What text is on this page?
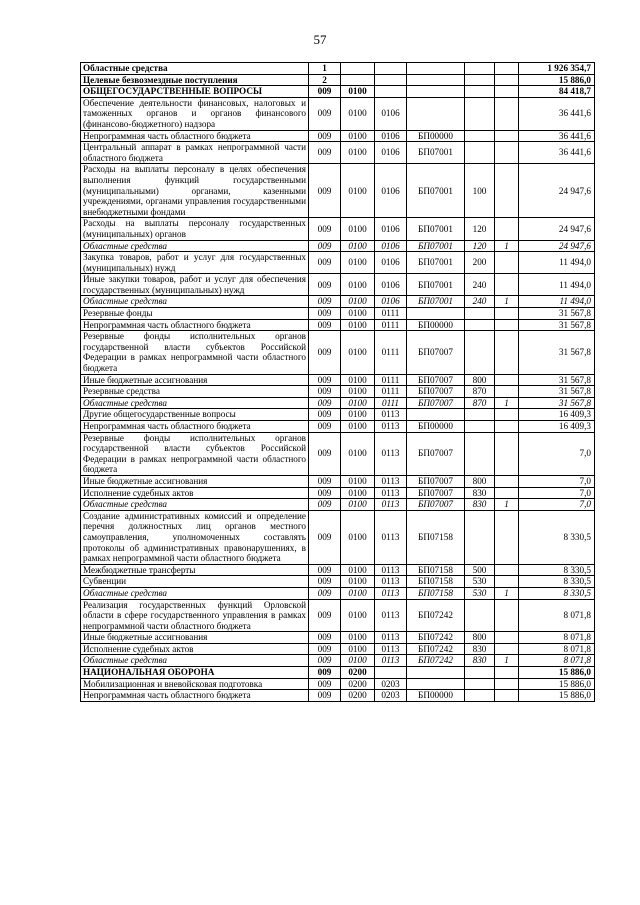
57
Областные средства	1						1 926 354,7
Целевые безвозмездные поступления	2						15 886,0
ОБЩЕГОСУДАРСТВЕННЫЕ ВОПРОСЫ	009	0100					84 418,7
Обеспечение деятельности финансовых, налоговых и таможенных органов и органов финансового (финансово-бюджетного) надзора	009	0100	0106				36 441,6
Непрограммная часть областного бюджета	009	0100	0106	БП00000			36 441,6
Центральный аппарат в рамках непрограммной части областного бюджета	009	0100	0106	БП07001			36 441,6
Расходы на выплаты персоналу в целях обеспечения выполнения функций государственными (муниципальными) органами, казенными учреждениями, органами управления государственными внебюджетными фондами	009	0100	0106	БП07001	100		24 947,6
Расходы на выплаты персоналу государственных (муниципальных) органов	009	0100	0106	БП07001	120		24 947,6
Областные средства	009	0100	0106	БП07001	120	1	24 947,6
Закупка товаров, работ и услуг для государственных (муниципальных) нужд	009	0100	0106	БП07001	200		11 494,0
Иные закупки товаров, работ и услуг для обеспечения государственных (муниципальных) нужд	009	0100	0106	БП07001	240		11 494,0
Областные средства	009	0100	0106	БП07001	240	1	11 494,0
Резервные фонды	009	0100	0111				31 567,8
Непрограммная часть областного бюджета	009	0100	0111	БП00000			31 567,8
Резервные фонды исполнительных органов государственной власти субъектов Российской Федерации в рамках непрограммной части областного бюджета	009	0100	0111	БП07007			31 567,8
Иные бюджетные ассигнования	009	0100	0111	БП07007	800		31 567,8
Резервные средства	009	0100	0111	БП07007	870		31 567,8
Областные средства	009	0100	0111	БП07007	870	1	31 567,8
Другие общегосударственные вопросы	009	0100	0113				16 409,3
Непрограммная часть областного бюджета	009	0100	0113	БП00000			16 409,3
Резервные фонды исполнительных органов государственной власти субъектов Российской Федерации в рамках непрограммной части областного бюджета	009	0100	0113	БП07007			7,0
Иные бюджетные ассигнования	009	0100	0113	БП07007	800		7,0
Исполнение судебных актов	009	0100	0113	БП07007	830		7,0
Областные средства	009	0100	0113	БП07007	830	1	7,0
Создание административных комиссий и определение перечня должностных лиц органов местного самоуправления, уполномоченных составлять протоколы об административных правонарушениях, в рамках непрограммной части областного бюджета	009	0100	0113	БП07158			8 330,5
Межбюджетные трансферты	009	0100	0113	БП07158	500		8 330,5
Субвенции	009	0100	0113	БП07158	530		8 330,5
Областные средства	009	0100	0113	БП07158	530	1	8 330,5
Реализация государственных функций Орловской области в сфере государственного управления в рамках непрограммной части областного бюджета	009	0100	0113	БП07242			8 071,8
Иные бюджетные ассигнования	009	0100	0113	БП07242	800		8 071,8
Исполнение судебных актов	009	0100	0113	БП07242	830		8 071,8
Областные средства	009	0100	0113	БП07242	830	1	8 071,8
НАЦИОНАЛЬНАЯ ОБОРОНА	009	0200					15 886,0
Мобилизационная и вневойсковая подготовка	009	0200	0203				15 886,0
Непрограммная часть областного бюджета	009	0200	0203	БП00000			15 886,0
